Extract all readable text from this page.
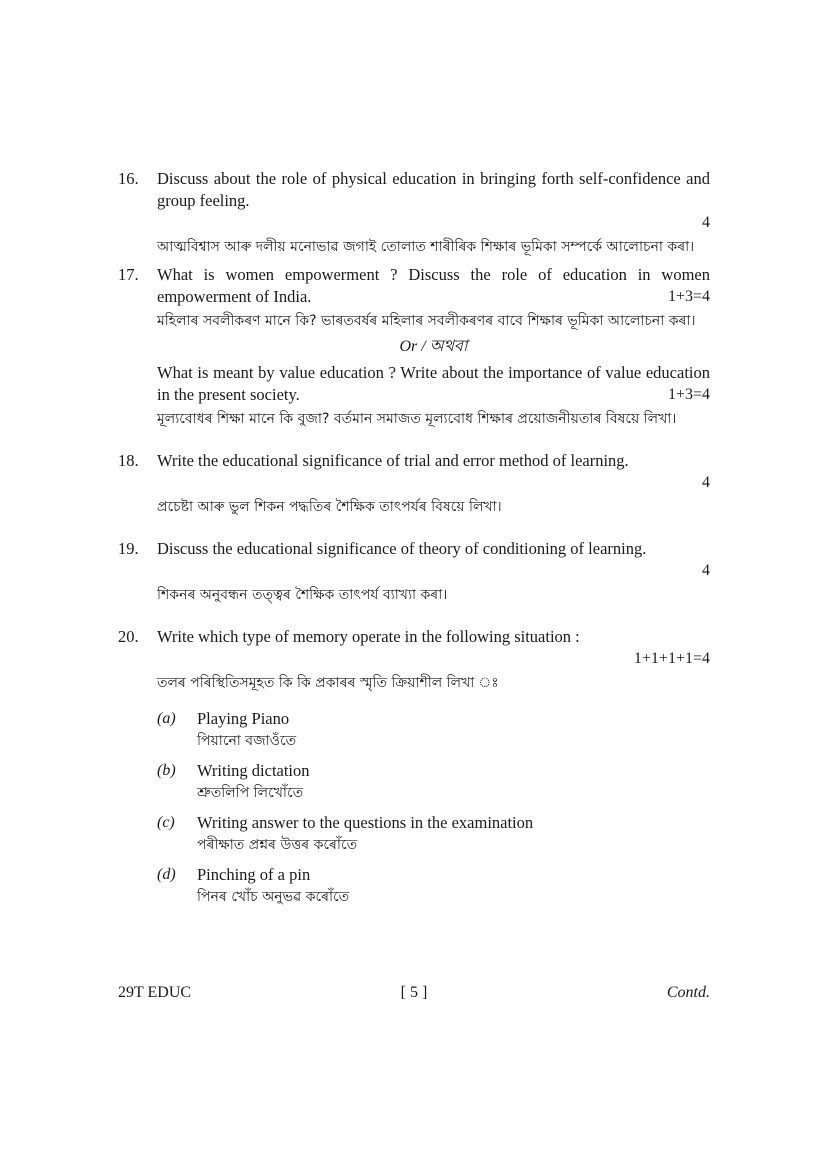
16. Discuss about the role of physical education in bringing forth self-confidence and group feeling.
4
আত্মবিশ্বাস আৰু দলীয় মনোভাৱ জগাই তোলাত শাৰীৰিক শিক্ষাৰ ভূমিকা সম্পৰ্কে আলোচনা কৰা।
17. What is women empowerment ? Discuss the role of education in women empowerment of India.	1+3=4
মহিলাৰ সবলীকৰণ মানে কি? ভাৰতবৰ্ষৰ মহিলাৰ সবলীকৰণৰ বাবে শিক্ষাৰ ভূমিকা আলোচনা কৰা।
Or / অথবা
What is meant by value education ? Write about the importance of value education in the present society.	1+3=4
মূল্যবোধৰ শিক্ষা মানে কি বুজা? বৰ্তমান সমাজত মূল্যবোধ শিক্ষাৰ প্ৰয়োজনীয়তাৰ বিষয়ে লিখা।
18. Write the educational significance of trial and error method of learning.
4
প্ৰচেষ্টা আৰু ভুল শিকন পদ্ধতিৰ শৈক্ষিক তাৎপৰ্যৰ বিষয়ে লিখা।
19. Discuss the educational significance of theory of conditioning of learning.
4
শিকনৰ অনুবন্ধন তত্ত্বৰ শৈক্ষিক তাৎপৰ্য ব্যাখ্যা কৰা।
20. Write which type of memory operate in the following situation :
1+1+1+1=4
তলৰ পৰিস্থিতিসমূহত কি কি প্ৰকাৰৰ স্মৃতি ক্ৰিয়াশীল লিখা ঃ
(a) Playing Piano
পিয়ানো বজাওঁতে
(b) Writing dictation
শ্ৰুতলিপি লিখোঁতে
(c) Writing answer to the questions in the examination
পৰীক্ষাত প্ৰশ্নৰ উত্তৰ কৰোঁতে
(d) Pinching of a pin
পিনৰ খোঁচ অনুভৱ কৰোঁতে
29T EDUC	[ 5 ]	Contd.
